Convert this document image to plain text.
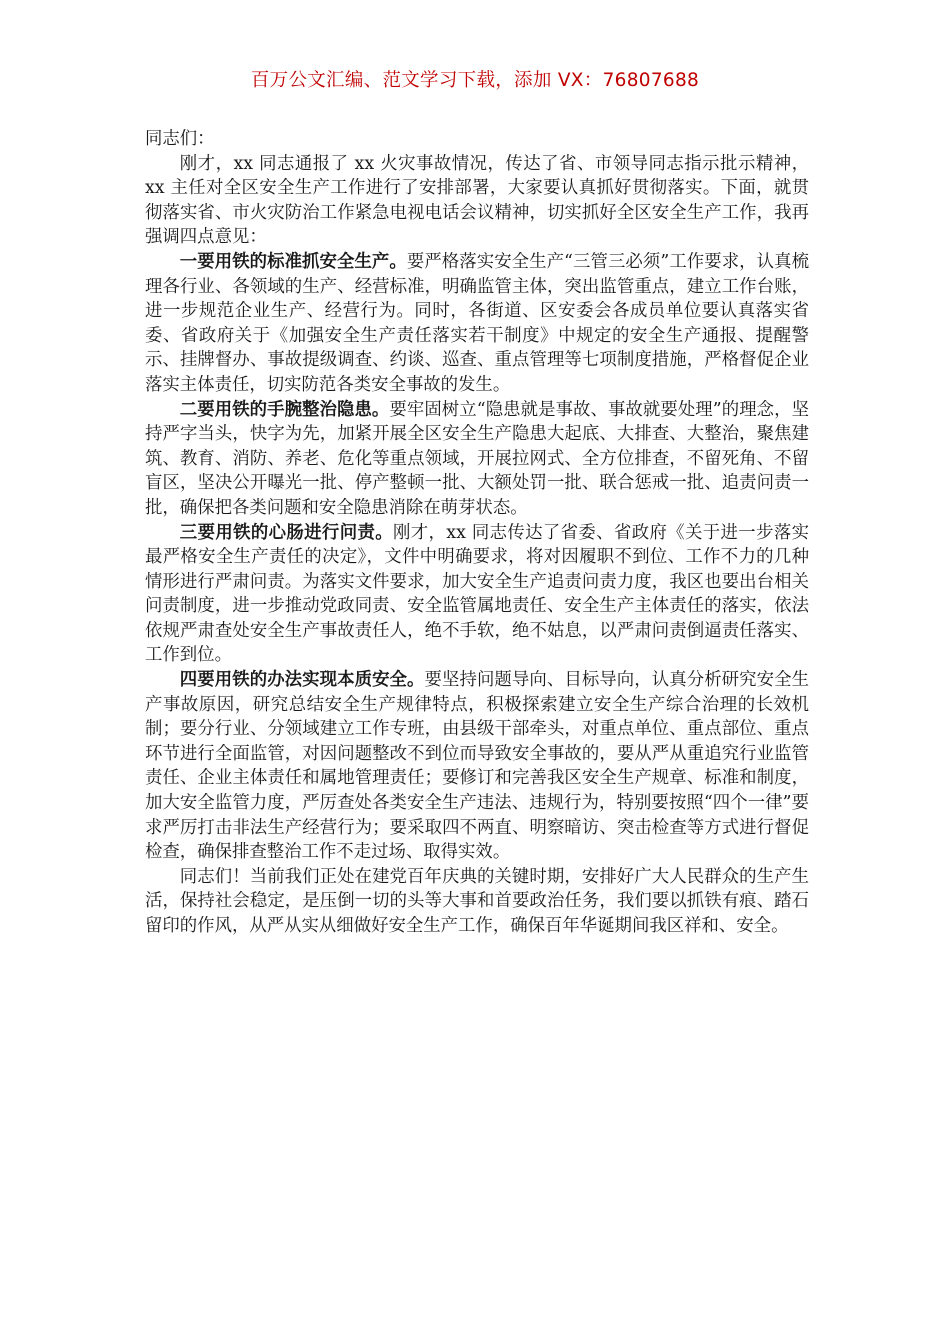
百万公文汇编、范文学习下载，添加 VX：76807688

同志们：

刚才，xx 同志通报了 xx 火灾事故情况，传达了省、市领导同志指示批示精神，xx 主任对全区安全生产工作进行了安排部署，大家要认真抓好贯彻落实。下面，就贯彻落实省、市火灾防治工作紧急电视电话会议精神，切实抓好全区安全生产工作，我再强调四点意见：

一要用铁的标准抓安全生产。要严格落实安全生产“三管三必须”工作要求，认真梳理各行业、各领域的生产、经营标准，明确监管主体，突出监管重点，建立工作台账，进一步规范企业生产、经营行为。同时，各街道、区安委会各成员单位要认真落实省委、省政府关于《加强安全生产责任落实若干制度》中规定的安全生产通报、提醒警示、挂牌督办、事故提级调查、约谈、巡查、重点管理等七项制度措施，严格督促企业落实主体责任，切实防范各类安全事故的发生。

二要用铁的手腕整治隐患。要牢固树立“隐患就是事故、事故就要处理”的理念，坚持严字当头，快字为先，加紧开展全区安全生产隐患大起底、大排查、大整治，聚焦建筑、教育、消防、养老、危化等重点领域，开展拉网式、全方位排查，不留死角、不留盲区，坚决公开曝光一批、停产整顿一批、大额处罚一批、联合惩戒一批、追责问责一批，确保把各类问题和安全隐患消除在萌芽状态。

三要用铁的心肠进行问责。刚才，xx 同志传达了省委、省政府《关于进一步落实最严格安全生产责任的决定》，文件中明确要求，将对因履职不到位、工作不力的几种情形进行严肃问责。为落实文件要求，加大安全生产追责问责力度，我区也要出台相关问责制度，进一步推动党政同责、安全监管属地责任、安全生产主体责任的落实，依法依规严肃查处安全生产事故责任人，绝不手软，绝不姑息，以严肃问责倒逼责任落实、工作到位。

四要用铁的办法实现本质安全。要坚持问题导向、目标导向，认真分析研究安全生产事故原因，研究总结安全生产规律特点，积极探索建立安全生产综合治理的长效机制；要分行业、分领域建立工作专班，由县级干部牵头，对重点单位、重点部位、重点环节进行全面监管，对因问题整改不到位而导致安全事故的，要从严从重追究行业监管责任、企业主体责任和属地管理责任；要修订和完善我区安全生产规章、标准和制度，加大安全监管力度，严厉查处各类安全生产违法、违规行为，特别要按照“四个一律”要求严厉打击非法生产经营行为；要采取四不两直、明察暗访、突击检查等方式进行督促检查，确保排查整治工作不走过场、取得实效。

同志们！当前我们正处在建党百年庆典的关键时期，安排好广大人民群众的生产生活，保持社会稳定，是压倒一切的头等大事和首要政治任务，我们要以抓铁有痕、踏石留印的作风，从严从实从细做好安全生产工作，确保百年华诞期间我区祥和、安全。
